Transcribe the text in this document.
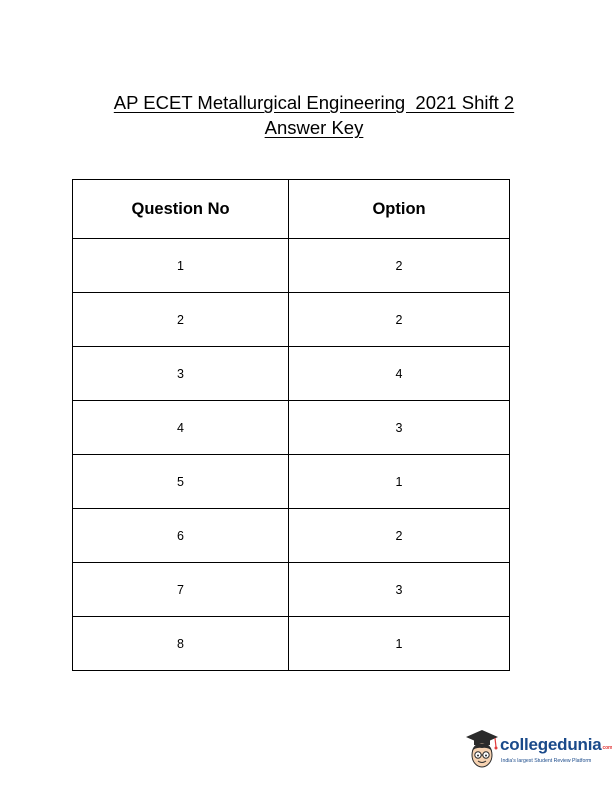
AP ECET Metallurgical Engineering  2021 Shift 2
Answer Key
Question No	Option
1	2
2	2
3	4
4	3
5	1
6	2
7	3
8	1
collegeduniacom
India's largest Student Review Platform
